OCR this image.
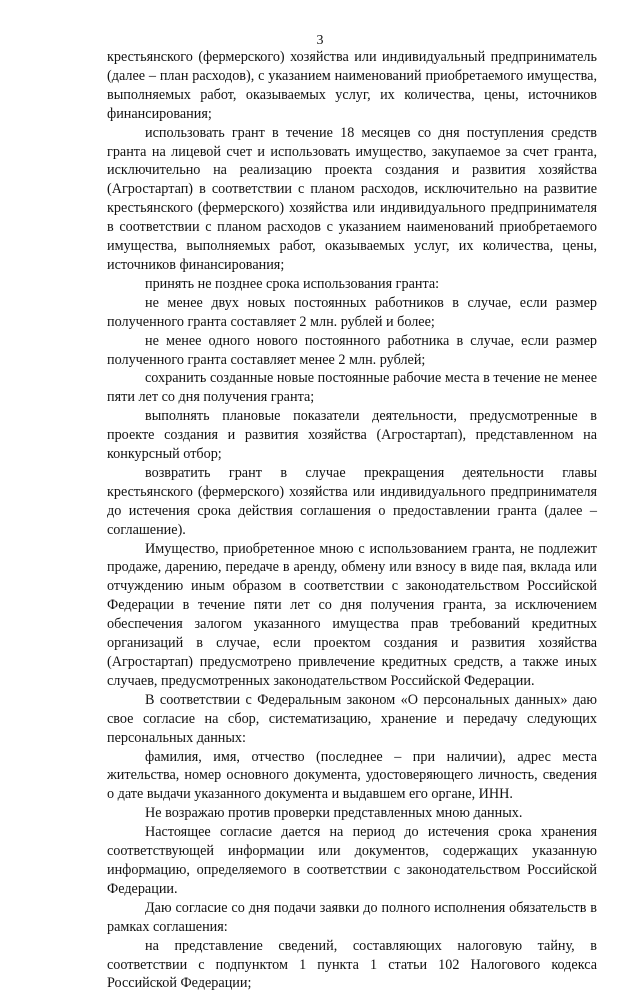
3

крестьянского (фермерского) хозяйства или индивидуальный предприниматель (далее – план расходов), с указанием наименований приобретаемого имущества, выполняемых работ, оказываемых услуг, их количества, цены, источников финансирования;

использовать грант в течение 18 месяцев со дня поступления средств гранта на лицевой счет и использовать имущество, закупаемое за счет гранта, исключительно на реализацию проекта создания и развития хозяйства (Агростартап) в соответствии с планом расходов, исключительно на развитие крестьянского (фермерского) хозяйства или индивидуального предпринимателя в соответствии с планом расходов с указанием наименований приобретаемого имущества, выполняемых работ, оказываемых услуг, их количества, цены, источников финансирования;

принять не позднее срока использования гранта:

не менее двух новых постоянных работников в случае, если размер полученного гранта составляет 2 млн. рублей и более;

не менее одного нового постоянного работника в случае, если размер полученного гранта составляет менее 2 млн. рублей;

сохранить созданные новые постоянные рабочие места в течение не менее пяти лет со дня получения гранта;

выполнять плановые показатели деятельности, предусмотренные в проекте создания и развития хозяйства (Агростартап), представленном на конкурсный отбор;

возвратить грант в случае прекращения деятельности главы крестьянского (фермерского) хозяйства или индивидуального предпринимателя до истечения срока действия соглашения о предоставлении гранта (далее – соглашение).

Имущество, приобретенное мною с использованием гранта, не подлежит продаже, дарению, передаче в аренду, обмену или взносу в виде пая, вклада или отчуждению иным образом в соответствии с законодательством Российской Федерации в течение пяти лет со дня получения гранта, за исключением обеспечения залогом указанного имущества прав требований кредитных организаций в случае, если проектом создания и развития хозяйства (Агростартап) предусмотрено привлечение кредитных средств, а также иных случаев, предусмотренных законодательством Российской Федерации.

В соответствии с Федеральным законом «О персональных данных» даю свое согласие на сбор, систематизацию, хранение и передачу следующих персональных данных:

фамилия, имя, отчество (последнее – при наличии), адрес места жительства, номер основного документа, удостоверяющего личность, сведения о дате выдачи указанного документа и выдавшем его органе, ИНН.

Не возражаю против проверки представленных мною данных.

Настоящее согласие дается на период до истечения срока хранения соответствующей информации или документов, содержащих указанную информацию, определяемого в соответствии с законодательством Российской Федерации.

Даю согласие со дня подачи заявки до полного исполнения обязательств в рамках соглашения:

на представление сведений, составляющих налоговую тайну, в соответствии с подпунктом 1 пункта 1 статьи 102 Налогового кодекса Российской Федерации;
